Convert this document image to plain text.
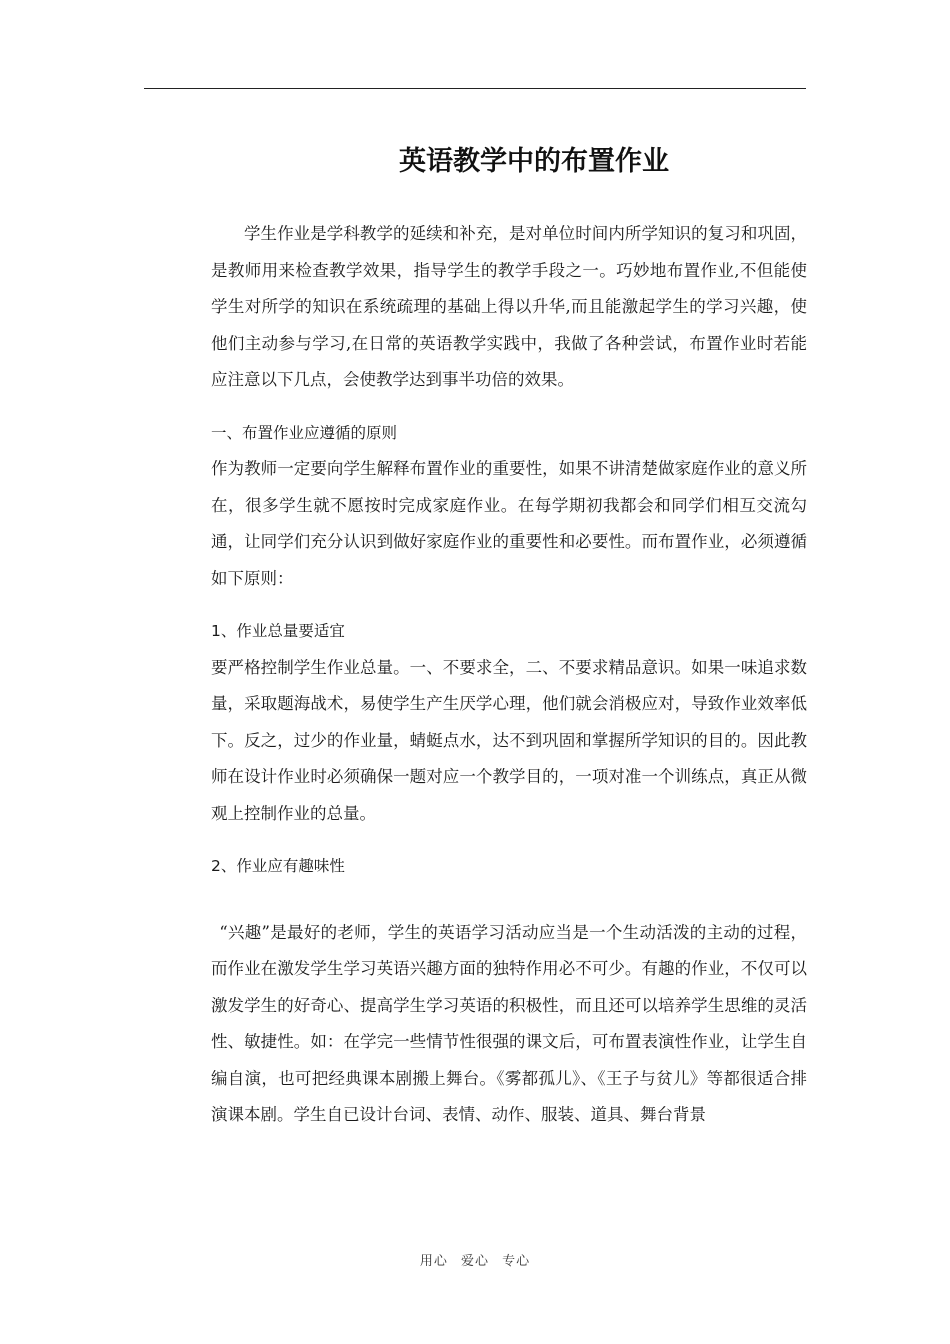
英语教学中的布置作业

学生作业是学科教学的延续和补充，是对单位时间内所学知识的复习和巩固，是教师用来检查教学效果，指导学生的教学手段之一。巧妙地布置作业,不但能使学生对所学的知识在系统疏理的基础上得以升华,而且能激起学生的学习兴趣，使他们主动参与学习,在日常的英语教学实践中，我做了各种尝试，布置作业时若能应注意以下几点，会使教学达到事半功倍的效果。

一、布置作业应遵循的原则

作为教师一定要向学生解释布置作业的重要性，如果不讲清楚做家庭作业的意义所在，很多学生就不愿按时完成家庭作业。在每学期初我都会和同学们相互交流勾通，让同学们充分认识到做好家庭作业的重要性和必要性。而布置作业，必须遵循如下原则：

1、作业总量要适宜

要严格控制学生作业总量。一、不要求全，二、不要求精品意识。如果一味追求数量，采取题海战术，易使学生产生厌学心理，他们就会消极应对，导致作业效率低下。反之，过少的作业量，蜻蜓点水，达不到巩固和掌握所学知识的目的。因此教师在设计作业时必须确保一题对应一个教学目的，一项对准一个训练点，真正从微观上控制作业的总量。

2、作业应有趣味性

“兴趣”是最好的老师，学生的英语学习活动应当是一个生动活泼的主动的过程，而作业在激发学生学习英语兴趣方面的独特作用必不可少。有趣的作业，不仅可以激发学生的好奇心、提高学生学习英语的积极性，而且还可以培养学生思维的灵活性、敏捷性。如：在学完一些情节性很强的课文后，可布置表演性作业，让学生自编自演，也可把经典课本剧搬上舞台。《雾都孤儿》、《王子与贫儿》等都很适合排演课本剧。学生自已设计台词、表情、动作、服装、道具、舞台背景

用心 爱心 专心
